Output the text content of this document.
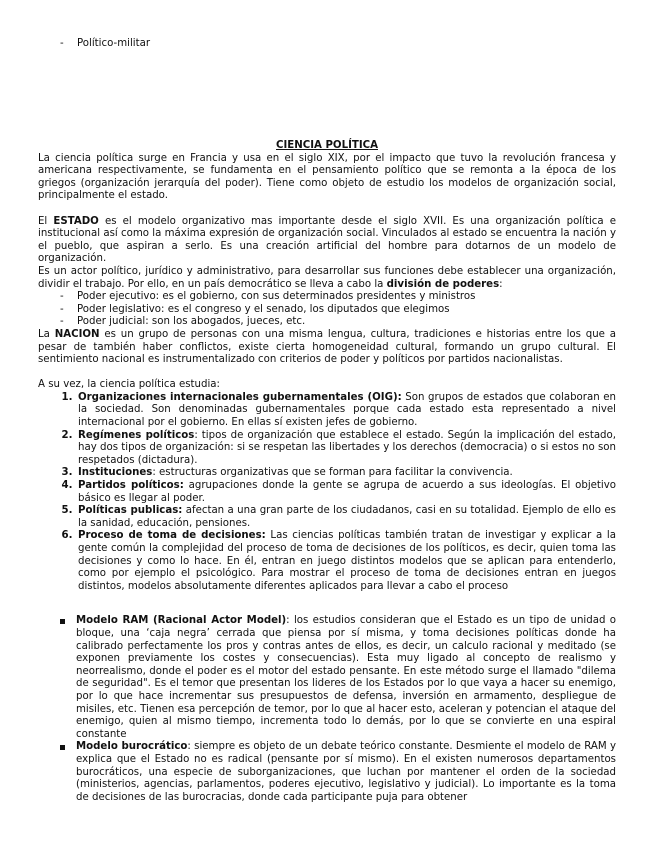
- Político-militar

CIENCIA POLÍTICA

La ciencia política surge en Francia y usa en el siglo XIX, por el impacto que tuvo la revolución francesa y americana respectivamente, se fundamenta en el pensamiento político que se remonta a la época de los griegos (organización jerarquía del poder). Tiene como objeto de estudio los modelos de organización social, principalmente el estado.

El ESTADO es el modelo organizativo mas importante desde el siglo XVII. Es una organización política e institucional así como la máxima expresión de organización social. Vinculados al estado se encuentra la nación y el pueblo, que aspiran a serlo. Es una creación artificial del hombre para dotarnos de un modelo de organización.

Es un actor político, jurídico y administrativo, para desarrollar sus funciones debe establecer una organización, dividir el trabajo. Por ello, en un país democrático se lleva a cabo la división de poderes:

- Poder ejecutivo: es el gobierno, con sus determinados presidentes y ministros
- Poder legislativo: es el congreso y el senado, los diputados que elegimos
- Poder judicial: son los abogados, jueces, etc.

La NACION es un grupo de personas con una misma lengua, cultura, tradiciones e historias entre los que a pesar de también haber conflictos, existe cierta homogeneidad cultural, formando un grupo cultural. El sentimiento nacional es instrumentalizado con criterios de poder y políticos por partidos nacionalistas.

A su vez, la ciencia política estudia:

1. Organizaciones internacionales gubernamentales (OIG): Son grupos de estados que colaboran en la sociedad. Son denominadas gubernamentales porque cada estado esta representado a nivel internacional por el gobierno. En ellas sí existen jefes de gobierno.
2. Regímenes políticos: tipos de organización que establece el estado. Según la implicación del estado, hay dos tipos de organización: si se respetan las libertades y los derechos (democracia) o si estos no son respetados (dictadura).
3. Instituciones: estructuras organizativas que se forman para facilitar la convivencia.
4. Partidos políticos: agrupaciones donde la gente se agrupa de acuerdo a sus ideologías. El objetivo básico es llegar al poder.
5. Políticas publicas: afectan a una gran parte de los ciudadanos, casi en su totalidad. Ejemplo de ello es la sanidad, educación, pensiones.
6. Proceso de toma de decisiones: Las ciencias políticas también tratan de investigar y explicar a la gente común la complejidad del proceso de toma de decisiones de los políticos, es decir, quien toma las decisiones y como lo hace. En él, entran en juego distintos modelos que se aplican para entenderlo, como por ejemplo el psicológico. Para mostrar el proceso de toma de decisiones entran en juegos distintos, modelos absolutamente diferentes aplicados para llevar a cabo el proceso
Modelo RAM (Racional Actor Model): los estudios consideran que el Estado es un tipo de unidad o bloque, una ‘caja negra’ cerrada que piensa por sí misma, y toma decisiones políticas donde ha calibrado perfectamente los pros y contras antes de ellos, es decir, un calculo racional y meditado (se exponen previamente los costes y consecuencias). Esta muy ligado al concepto de realismo y neorrealismo, donde el poder es el motor del estado pensante. En este método surge el llamado "dilema de seguridad". Es el temor que presentan los lideres de los Estados por lo que vaya a hacer su enemigo, por lo que hace incrementar sus presupuestos de defensa, inversión en armamento, despliegue de misiles, etc. Tienen esa percepción de temor, por lo que al hacer esto, aceleran y potencian el ataque del enemigo, quien al mismo tiempo, incrementa todo lo demás, por lo que se convierte en una espiral constante
Modelo burocrático: siempre es objeto de un debate teórico constante. Desmiente el modelo de RAM y explica que el Estado no es radical (pensante por sí mismo). En el existen numerosos departamentos burocráticos, una especie de suborganizaciones, que luchan por mantener el orden de la sociedad (ministerios, agencias, parlamentos, poderes ejecutivo, legislativo y judicial). Lo importante es la toma de decisiones de las burocracias, donde cada participante puja para obtener
